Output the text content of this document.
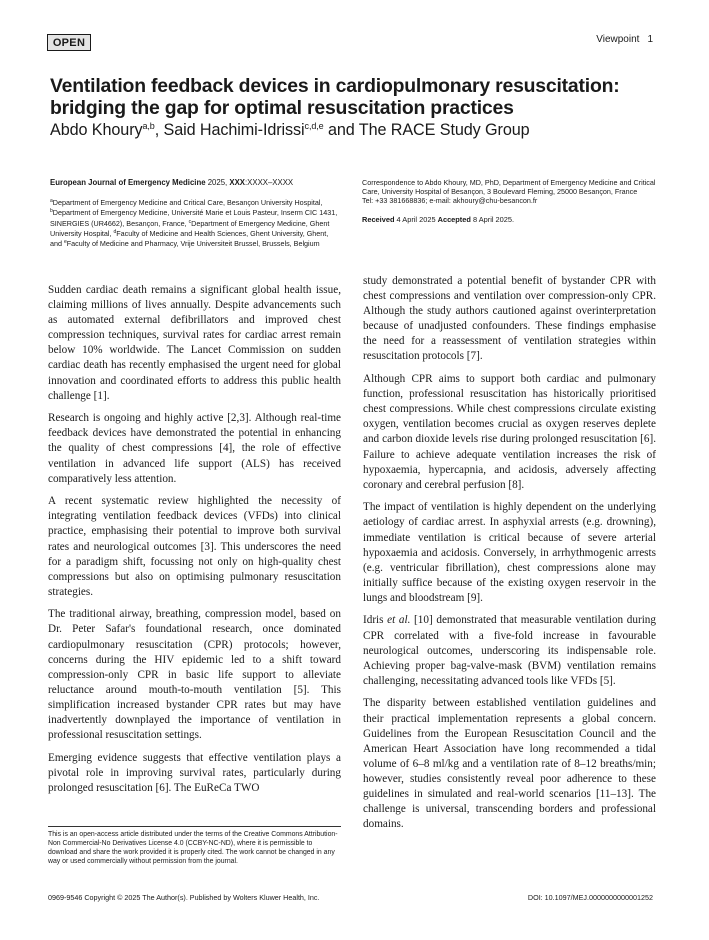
OPEN	Viewpoint 1
Ventilation feedback devices in cardiopulmonary resuscitation: bridging the gap for optimal resuscitation practices
Abdo Khoury$^{a,b}$, Said Hachimi-Idrissi$^{c,d,e}$ and The RACE Study Group
European Journal of Emergency Medicine 2025, XXX:XXXX–XXXX
$^a$Department of Emergency Medicine and Critical Care, Besançon University Hospital, $^b$Department of Emergency Medicine, Université Marie et Louis Pasteur, Inserm CIC 1431, SINERGIES (UR4662), Besançon, France, $^c$Department of Emergency Medicine, Ghent University Hospital, $^d$Faculty of Medicine and Health Sciences, Ghent University, Ghent, and $^e$Faculty of Medicine and Pharmacy, Vrije Universiteit Brussel, Brussels, Belgium
Correspondence to Abdo Khoury, MD, PhD, Department of Emergency Medicine and Critical Care, University Hospital of Besançon, 3 Boulevard Fleming, 25000 Besançon, France
Tel: +33 381668836; e-mail: akhoury@chu-besancon.fr
Received 4 April 2025 Accepted 8 April 2025.

Sudden cardiac death remains a significant global health issue, claiming millions of lives annually. Despite advancements such as automated external defibrillators and improved chest compression techniques, survival rates for cardiac arrest remain below 10% worldwide. The Lancet Commission on sudden cardiac death has recently emphasised the urgent need for global innovation and coordinated efforts to address this public health challenge [1].

Research is ongoing and highly active [2,3]. Although real-time feedback devices have demonstrated the potential in enhancing the quality of chest compressions [4], the role of effective ventilation in advanced life support (ALS) has received comparatively less attention.

A recent systematic review highlighted the necessity of integrating ventilation feedback devices (VFDs) into clinical practice, emphasising their potential to improve both survival rates and neurological outcomes [3]. This underscores the need for a paradigm shift, focussing not only on high-quality chest compressions but also on optimising pulmonary resuscitation strategies.

The traditional airway, breathing, compression model, based on Dr. Peter Safar's foundational research, once dominated cardiopulmonary resuscitation (CPR) protocols; however, concerns during the HIV epidemic led to a shift toward compression-only CPR in basic life support to alleviate reluctance around mouth-to-mouth ventilation [5]. This simplification increased bystander CPR rates but may have inadvertently downplayed the importance of ventilation in professional resuscitation settings.

Emerging evidence suggests that effective ventilation plays a pivotal role in improving survival rates, particularly during prolonged resuscitation [6]. The EuReCa TWO

study demonstrated a potential benefit of bystander CPR with chest compressions and ventilation over compression-only CPR. Although the study authors cautioned against overinterpretation because of unadjusted confounders. These findings emphasise the need for a reassessment of ventilation strategies within resuscitation protocols [7].

Although CPR aims to support both cardiac and pulmonary function, professional resuscitation has historically prioritised chest compressions. While chest compressions circulate existing oxygen, ventilation becomes crucial as oxygen reserves deplete and carbon dioxide levels rise during prolonged resuscitation [6]. Failure to achieve adequate ventilation increases the risk of hypoxaemia, hypercapnia, and acidosis, adversely affecting coronary and cerebral perfusion [8].

The impact of ventilation is highly dependent on the underlying aetiology of cardiac arrest. In asphyxial arrests (e.g. drowning), immediate ventilation is critical because of severe arterial hypoxaemia and acidosis. Conversely, in arrhythmogenic arrests (e.g. ventricular fibrillation), chest compressions alone may initially suffice because of the existing oxygen reservoir in the lungs and bloodstream [9].

Idris et al. [10] demonstrated that measurable ventilation during CPR correlated with a five-fold increase in favourable neurological outcomes, underscoring its indispensable role. Achieving proper bag-valve-mask (BVM) ventilation remains challenging, necessitating advanced tools like VFDs [5].

The disparity between established ventilation guidelines and their practical implementation represents a global concern. Guidelines from the European Resuscitation Council and the American Heart Association have long recommended a tidal volume of 6–8 ml/kg and a ventilation rate of 8–12 breaths/min; however, studies consistently reveal poor adherence to these guidelines in simulated and real-world scenarios [11–13]. The challenge is universal, transcending borders and professional domains.

This is an open-access article distributed under the terms of the Creative Commons Attribution-Non Commercial-No Derivatives License 4.0 (CCBY-NC-ND), where it is permissible to download and share the work provided it is properly cited. The work cannot be changed in any way or used commercially without permission from the journal.
0969-9546 Copyright © 2025 The Author(s). Published by Wolters Kluwer Health, Inc.	DOI: 10.1097/MEJ.0000000000001252
